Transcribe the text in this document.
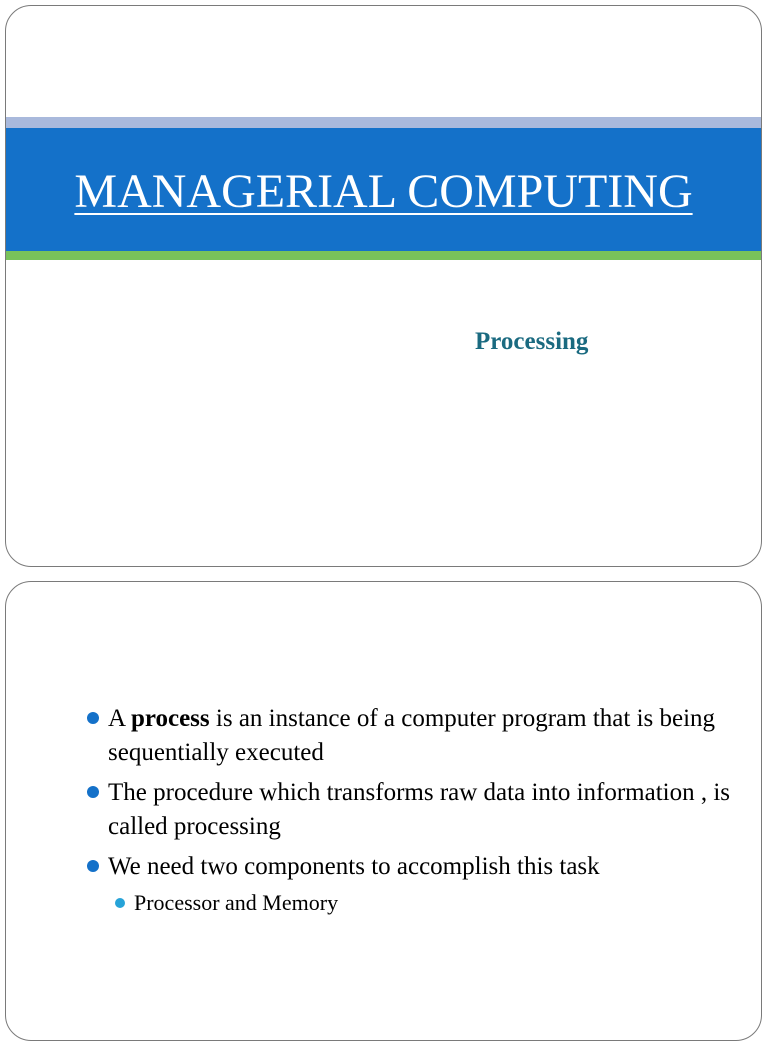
MANAGERIAL COMPUTING
Processing
A process is an instance of a computer program that is being sequentially executed
The procedure which transforms raw data into information , is called processing
We need two components to accomplish this task
Processor and Memory
